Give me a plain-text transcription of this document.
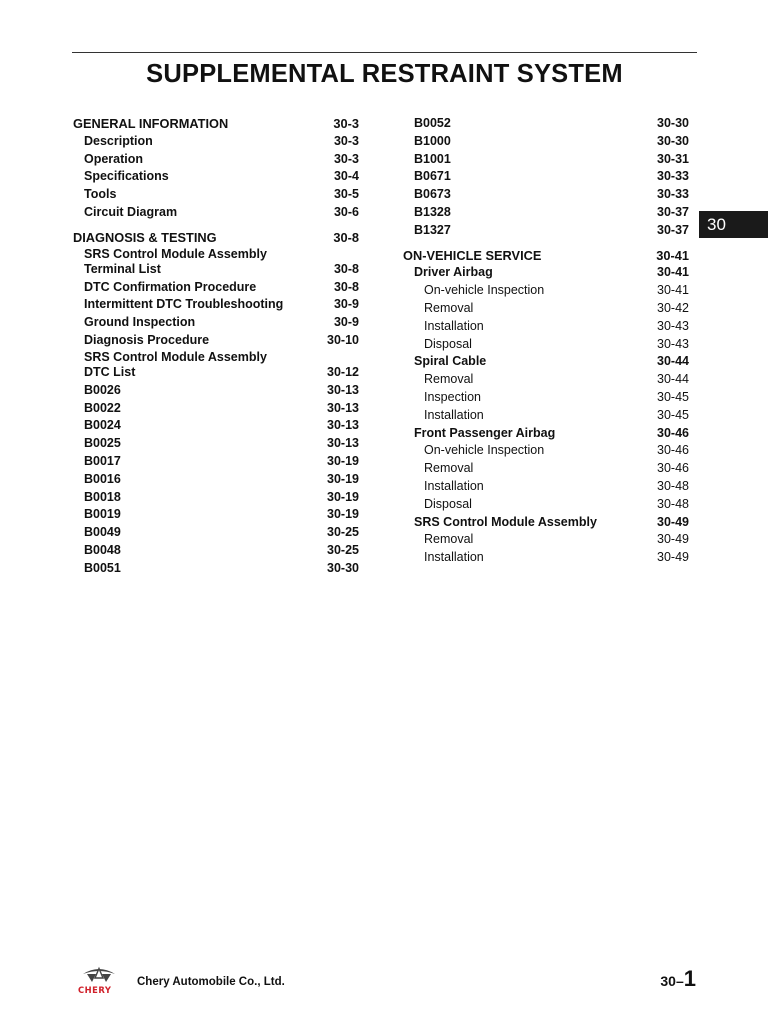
SUPPLEMENTAL RESTRAINT SYSTEM
GENERAL INFORMATION	30-3
Description	30-3
Operation	30-3
Specifications	30-4
Tools	30-5
Circuit Diagram	30-6
DIAGNOSIS & TESTING	30-8
SRS Control Module Assembly
Terminal List	30-8
DTC Confirmation Procedure	30-8
Intermittent DTC Troubleshooting	30-9
Ground Inspection	30-9
Diagnosis Procedure	30-10
SRS Control Module Assembly
DTC List	30-12
B0026	30-13
B0022	30-13
B0024	30-13
B0025	30-13
B0017	30-19
B0016	30-19
B0018	30-19
B0019	30-19
B0049	30-25
B0048	30-25
B0051	30-30
B0052	30-30
B1000	30-30
B1001	30-31
B0671	30-33
B0673	30-33
B1328	30-37
B1327	30-37
ON-VEHICLE SERVICE	30-41
Driver Airbag	30-41
On-vehicle Inspection	30-41
Removal	30-42
Installation	30-43
Disposal	30-43
Spiral Cable	30-44
Removal	30-44
Inspection	30-45
Installation	30-45
Front Passenger Airbag	30-46
On-vehicle Inspection	30-46
Removal	30-46
Installation	30-48
Disposal	30-48
SRS Control Module Assembly	30-49
Removal	30-49
Installation	30-49
30
CHERY
Chery Automobile Co., Ltd.	30–1
